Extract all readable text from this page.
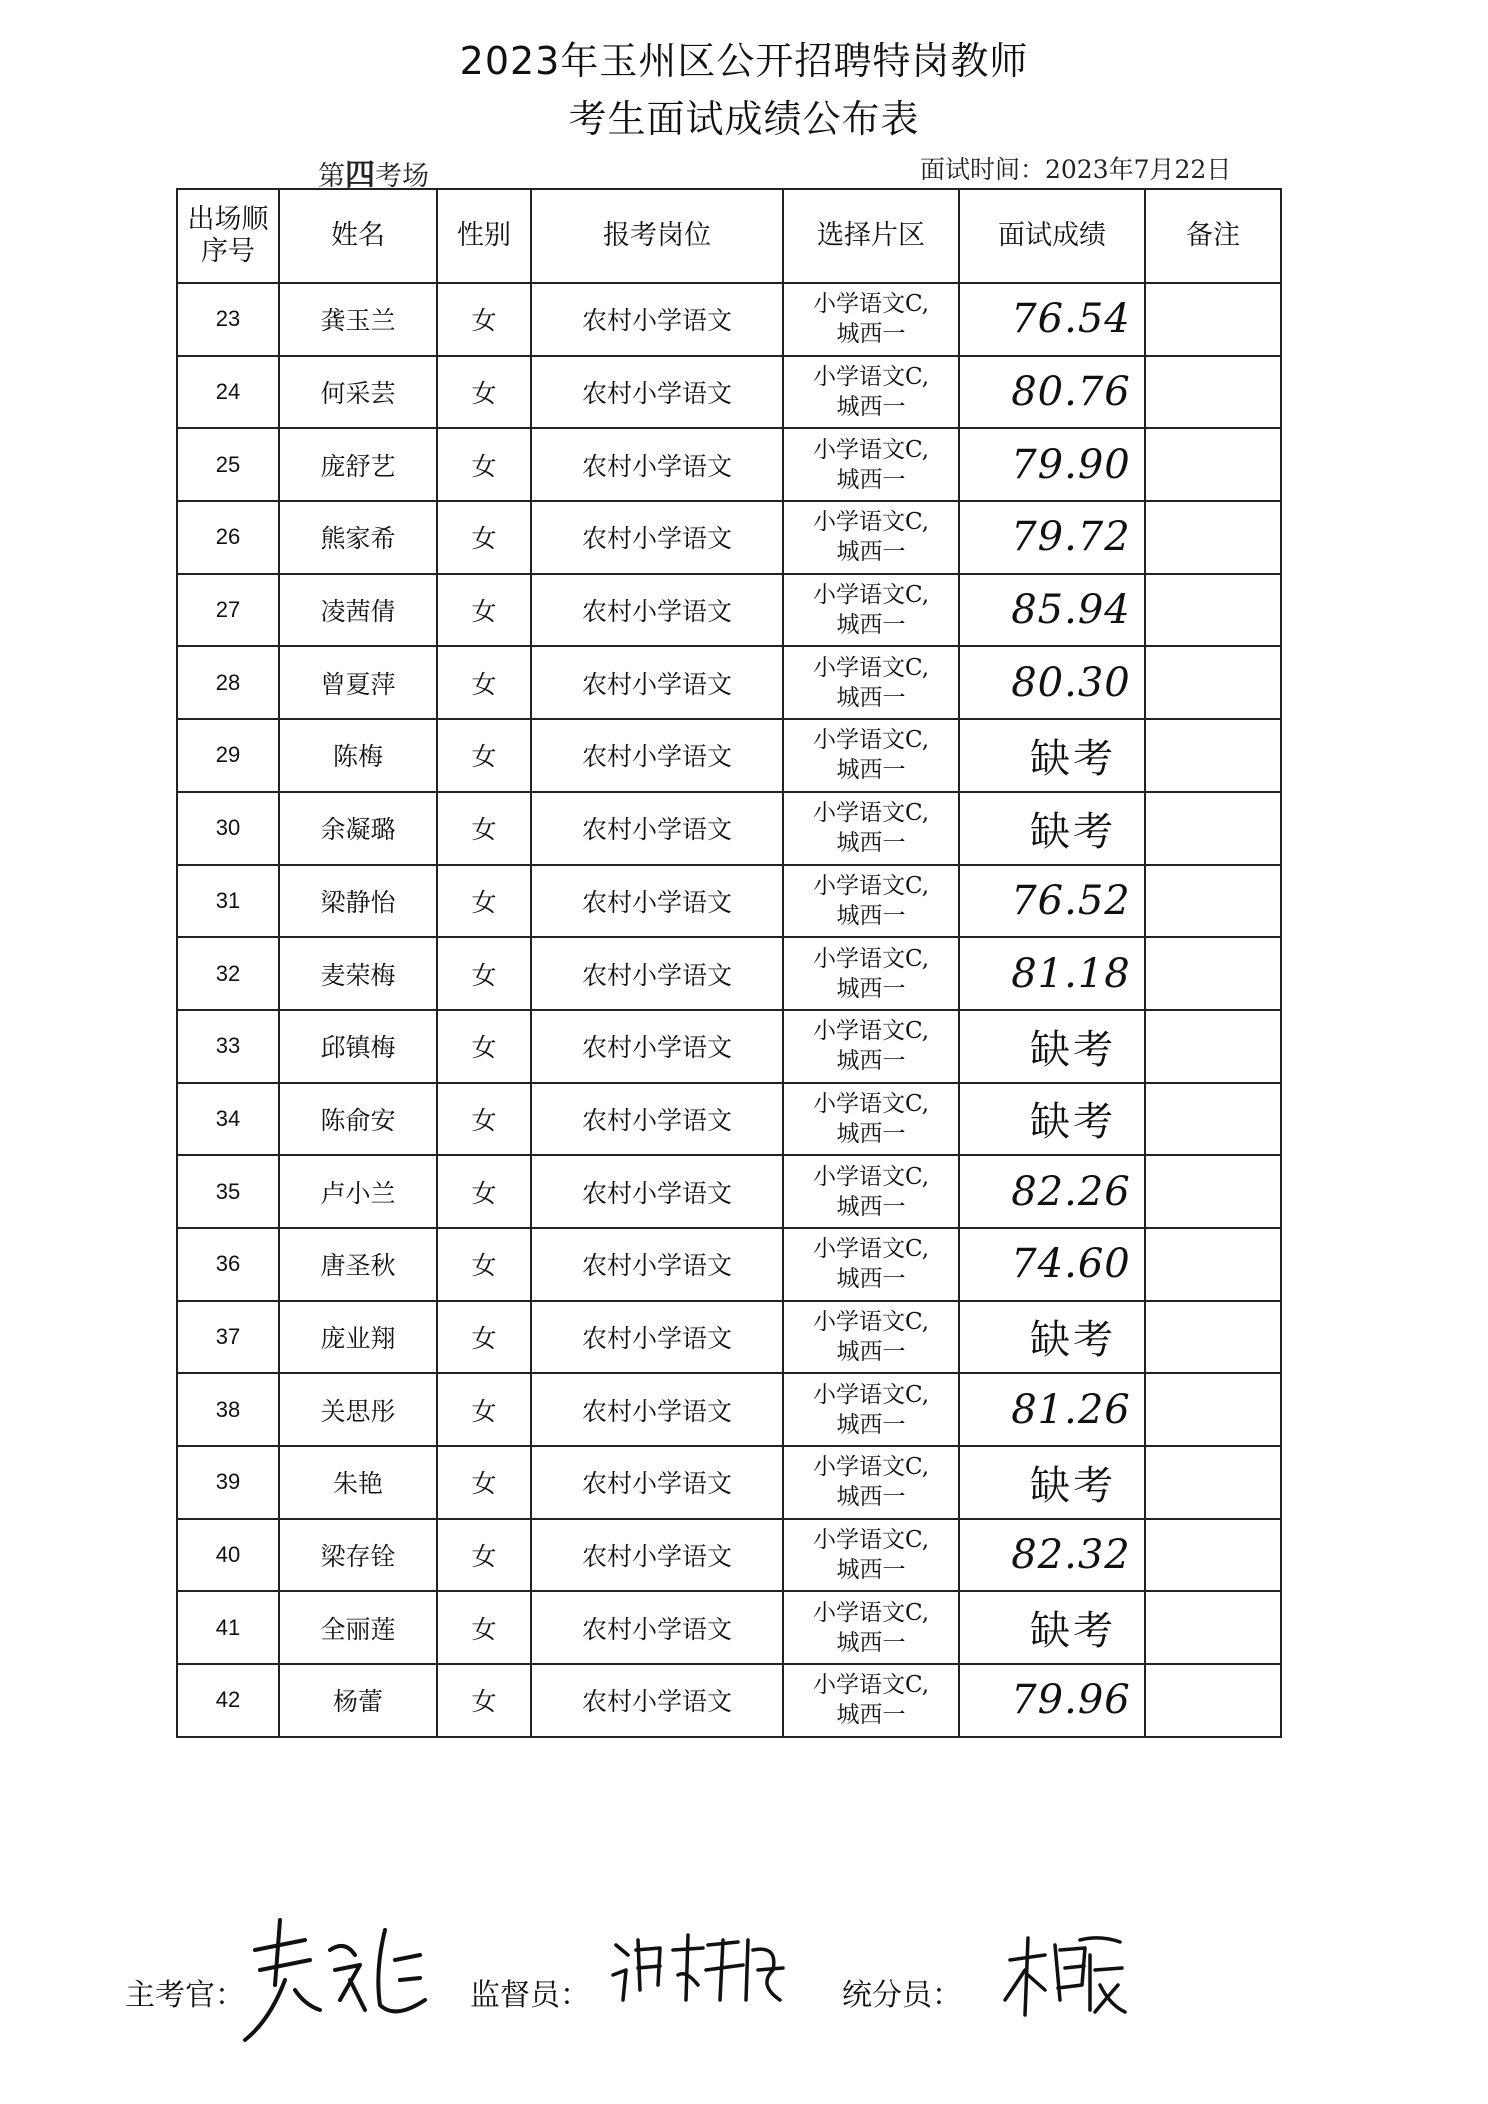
2023年玉州区公开招聘特岗教师
考生面试成绩公布表
第四考场	面试时间：2023年7月22日
出场顺
序号	姓名	性别	报考岗位	选择片区	面试成绩	备注
23	龚玉兰	女	农村小学语文	小学语文C,
城西一	76.54	
24	何采芸	女	农村小学语文	小学语文C,
城西一	80.76	
25	庞舒艺	女	农村小学语文	小学语文C,
城西一	79.90	
26	熊家希	女	农村小学语文	小学语文C,
城西一	79.72	
27	凌茜倩	女	农村小学语文	小学语文C,
城西一	85.94	
28	曾夏萍	女	农村小学语文	小学语文C,
城西一	80.30	
29	陈梅	女	农村小学语文	小学语文C,
城西一	缺考	
30	余凝璐	女	农村小学语文	小学语文C,
城西一	缺考	
31	梁静怡	女	农村小学语文	小学语文C,
城西一	76.52	
32	麦荣梅	女	农村小学语文	小学语文C,
城西一	81.18	
33	邱镇梅	女	农村小学语文	小学语文C,
城西一	缺考	
34	陈俞安	女	农村小学语文	小学语文C,
城西一	缺考	
35	卢小兰	女	农村小学语文	小学语文C,
城西一	82.26	
36	唐圣秋	女	农村小学语文	小学语文C,
城西一	74.60	
37	庞业翔	女	农村小学语文	小学语文C,
城西一	缺考	
38	关思彤	女	农村小学语文	小学语文C,
城西一	81.26	
39	朱艳	女	农村小学语文	小学语文C,
城西一	缺考	
40	梁存铨	女	农村小学语文	小学语文C,
城西一	82.32	
41	全丽莲	女	农村小学语文	小学语文C,
城西一	缺考	
42	杨蕾	女	农村小学语文	小学语文C,
城西一	79.96	
主考官：	监督员：	统分员：
